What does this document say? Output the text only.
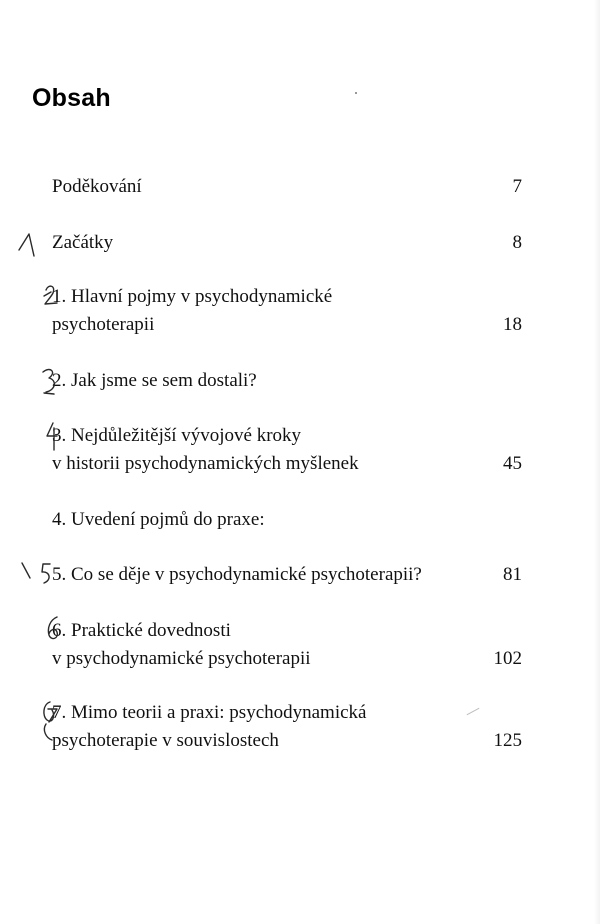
Obsah
Poděkování	7
Začátky	8
1. Hlavní pojmy v psychodynamické
psychoterapii	18
2. Jak jsme se sem dostali?
3. Nejdůležitější vývojové kroky
v historii psychodynamických myšlenek	45
4. Uvedení pojmů do praxe:
5. Co se děje v psychodynamické psychoterapii?	81
6. Praktické dovednosti
v psychodynamické psychoterapii	102
7. Mimo teorii a praxi: psychodynamická
psychoterapie v souvislostech	125
